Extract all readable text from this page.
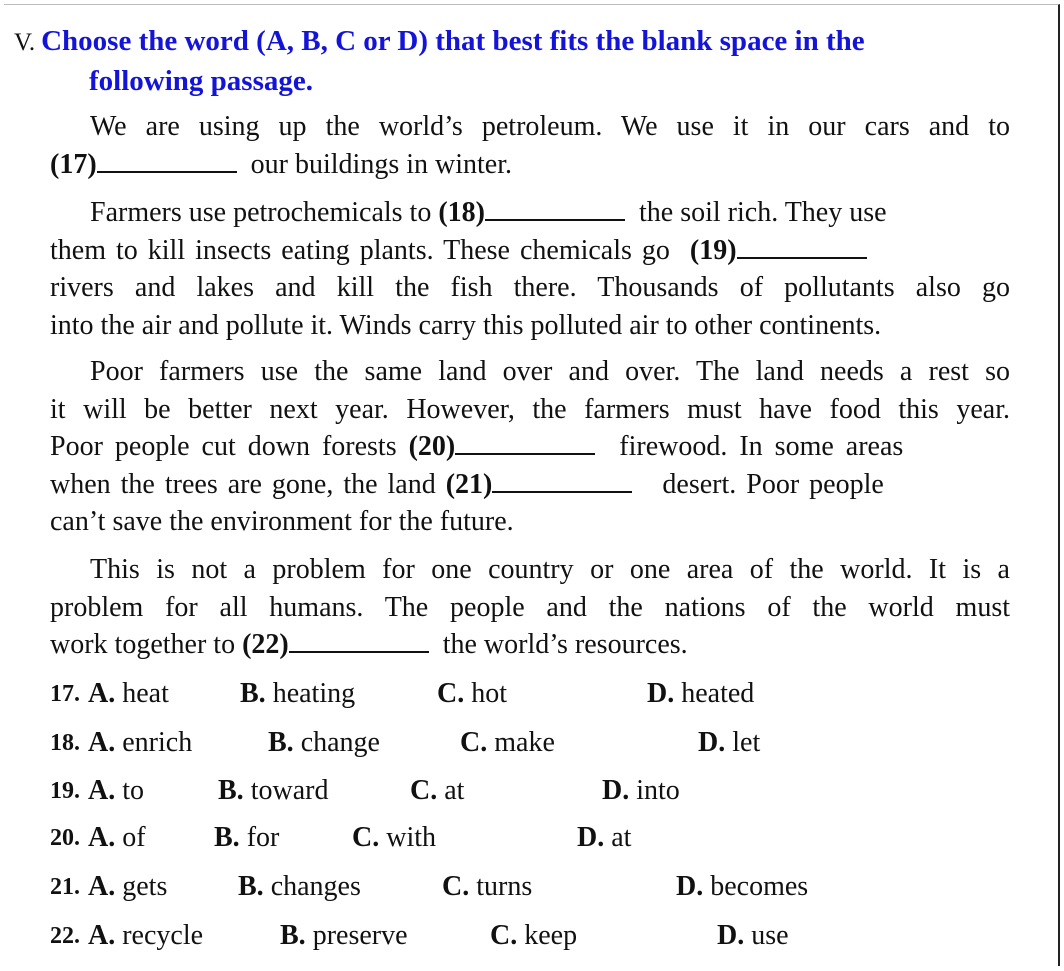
V. Choose the word (A, B, C or D) that best fits the blank space in the
following passage.
We are using up the world’s petroleum. We use it in our cars and to
(17)	our buildings in winter.
Farmers use petrochemicals to (18)	the soil rich. They use
them to kill insects eating plants. These chemicals go (19)
rivers and lakes and kill the fish there. Thousands of pollutants also go
into the air and pollute it. Winds carry this polluted air to other continents.
Poor farmers use the same land over and over. The land needs a rest so
it will be better next year. However, the farmers must have food this year.
Poor people cut down forests (20)	firewood. In some areas
when the trees are gone, the land (21)	desert. Poor people
can’t save the environment for the future.
This is not a problem for one country or one area of the world. It is a
problem for all humans. The people and the nations of the world must
work together to (22)	the world’s resources.
17. A. heat	B. heating	C. hot	D. heated
18. A. enrich	B. change	C. make	D. let
19. A. to	B. toward	C. at	D. into
20. A. of B. for	C. with	D. at
21. A. gets	B. changes	C. turns	D. becomes
22. A. recycle	B. preserve	C. keep	D. use
